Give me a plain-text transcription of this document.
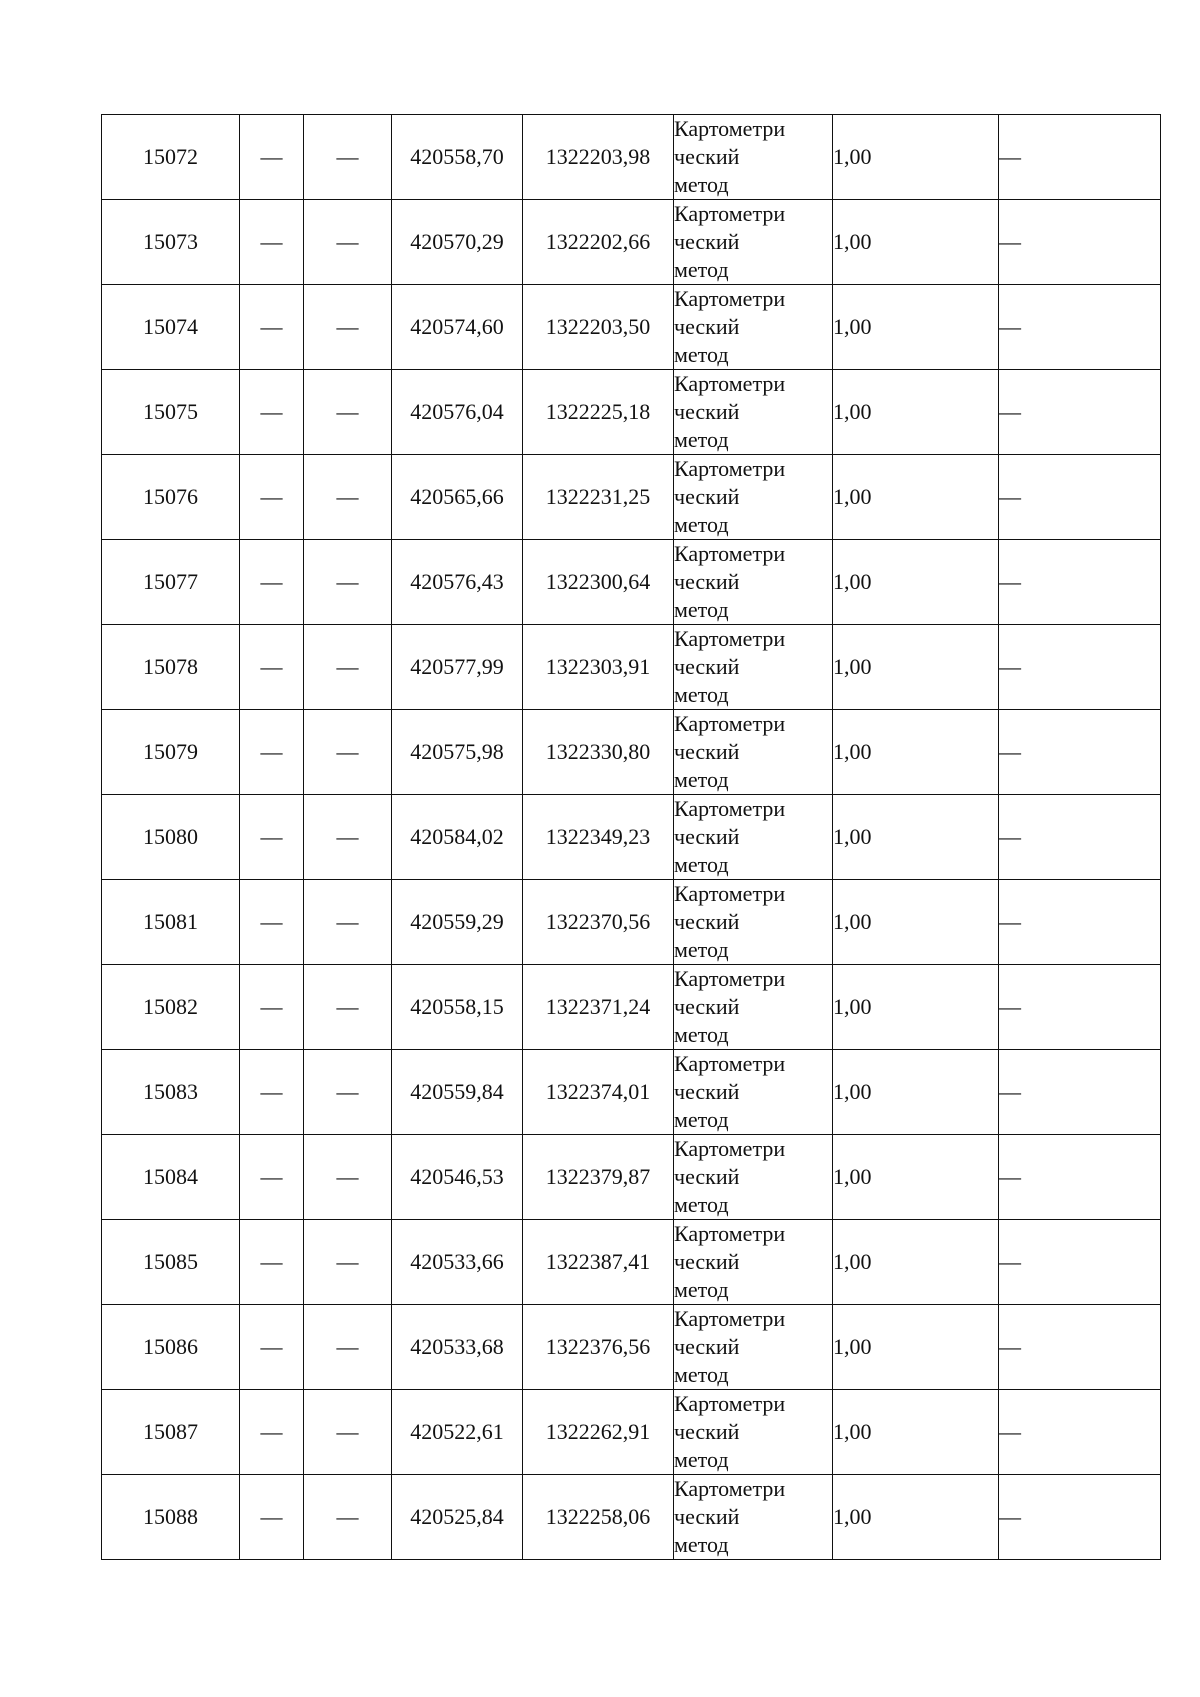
15072	—	—	420558,70	1322203,98	Картометри
ческий
метод	1,00	—
15073	—	—	420570,29	1322202,66	Картометри
ческий
метод	1,00	—
15074	—	—	420574,60	1322203,50	Картометри
ческий
метод	1,00	—
15075	—	—	420576,04	1322225,18	Картометри
ческий
метод	1,00	—
15076	—	—	420565,66	1322231,25	Картометри
ческий
метод	1,00	—
15077	—	—	420576,43	1322300,64	Картометри
ческий
метод	1,00	—
15078	—	—	420577,99	1322303,91	Картометри
ческий
метод	1,00	—
15079	—	—	420575,98	1322330,80	Картометри
ческий
метод	1,00	—
15080	—	—	420584,02	1322349,23	Картометри
ческий
метод	1,00	—
15081	—	—	420559,29	1322370,56	Картометри
ческий
метод	1,00	—
15082	—	—	420558,15	1322371,24	Картометри
ческий
метод	1,00	—
15083	—	—	420559,84	1322374,01	Картометри
ческий
метод	1,00	—
15084	—	—	420546,53	1322379,87	Картометри
ческий
метод	1,00	—
15085	—	—	420533,66	1322387,41	Картометри
ческий
метод	1,00	—
15086	—	—	420533,68	1322376,56	Картометри
ческий
метод	1,00	—
15087	—	—	420522,61	1322262,91	Картометри
ческий
метод	1,00	—
15088	—	—	420525,84	1322258,06	Картометри
ческий
метод	1,00	—
